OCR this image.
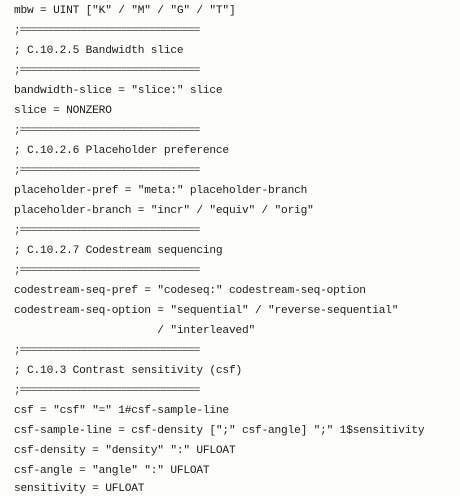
mbw = UINT ["K" / "M" / "G" / "T"]
;================================
; C.10.2.5 Bandwidth slice
;================================
bandwidth-slice = "slice:" slice
slice = NONZERO
;================================
; C.10.2.6 Placeholder preference
;================================
placeholder-pref = "meta:" placeholder-branch
placeholder-branch = "incr" / "equiv" / "orig"
;================================
; C.10.2.7 Codestream sequencing
;================================
codestream-seq-pref = "codeseq:" codestream-seq-option
codestream-seq-option = "sequential" / "reverse-sequential"
/ "interleaved"
;================================
; C.10.3 Contrast sensitivity (csf)
;================================
csf = "csf" "=" 1#csf-sample-line
csf-sample-line = csf-density [";" csf-angle] ";" 1$sensitivity
csf-density = "density" ":" UFLOAT
csf-angle = "angle" ":" UFLOAT
sensitivity = UFLOAT
